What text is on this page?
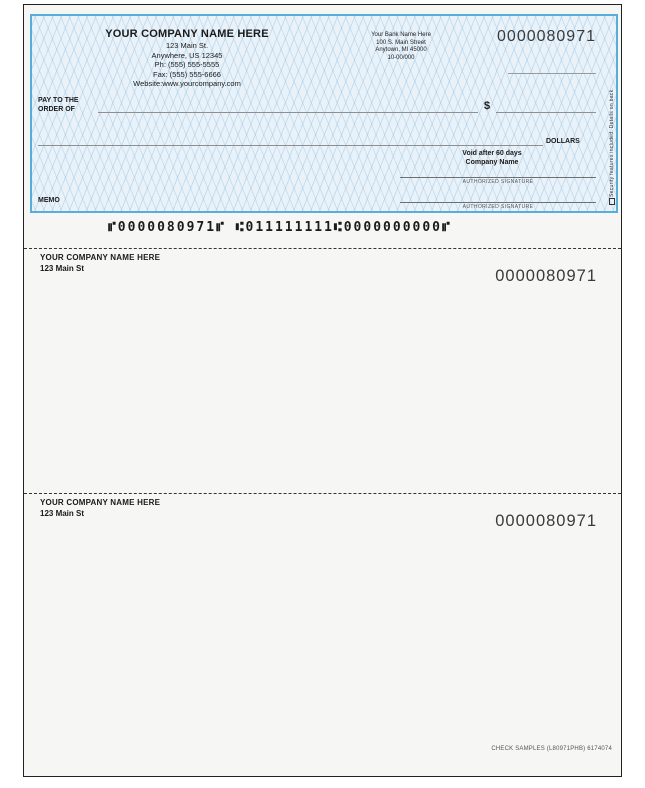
YOUR COMPANY NAME HERE
123 Main St.
Anywhere, US 12345
Ph: (555) 555-5555
Fax: (555) 555-6666
Website:www.yourcompany.com
Your Bank Name Here
100 S. Main Street
Anytown, MI 45000
10-00/000
0000080971
PAY TO THE
ORDER OF	$
DOLLARS
Void after 60 days
Company Name
AUTHORIZED SIGNATURE
AUTHORIZED SIGNATURE
MEMO
Security features included. Details on back.
⑈0000080971⑈ ⑆011111111⑆0000000000⑈
YOUR COMPANY NAME HERE
123 Main St	0000080971
YOUR COMPANY NAME HERE
123 Main St	0000080971
CHECK SAMPLES (L80971PHB) 6174074
